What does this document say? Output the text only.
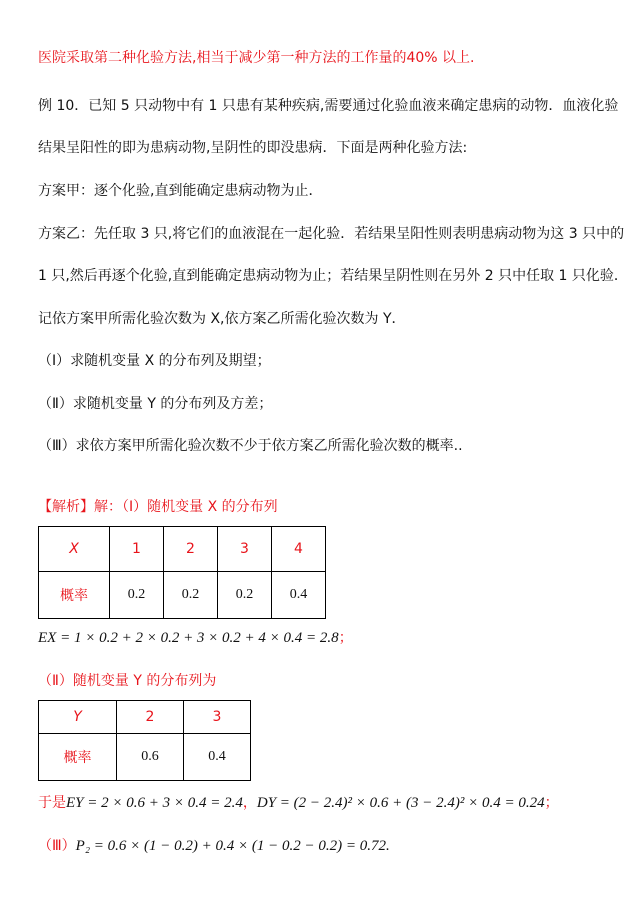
医院采取第二种化验方法,相当于减少第一种方法的工作量的40% 以上.
例 10．已知 5 只动物中有 1 只患有某种疾病,需要通过化验血液来确定患病的动物．血液化验
结果呈阳性的即为患病动物,呈阴性的即没患病．下面是两种化验方法:
方案甲：逐个化验,直到能确定患病动物为止．
方案乙：先任取 3 只,将它们的血液混在一起化验．若结果呈阳性则表明患病动物为这 3 只中的
1 只,然后再逐个化验,直到能确定患病动物为止；若结果呈阴性则在另外 2 只中任取 1 只化验．
记依方案甲所需化验次数为 X,依方案乙所需化验次数为 Y．
（Ⅰ）求随机变量 X 的分布列及期望；
（Ⅱ）求随机变量 Y 的分布列及方差；
（Ⅲ）求依方案甲所需化验次数不少于依方案乙所需化验次数的概率..
【解析】解：（Ⅰ）随机变量 X 的分布列
X	1	2	3	4
概率	0.2	0.2	0.2	0.4
EX = 1 × 0.2 + 2 × 0.2 + 3 × 0.2 + 4 × 0.4 = 2.8；
（Ⅱ）随机变量 Y 的分布列为
Y	2	3
概率	0.6	0.4
于是EY = 2 × 0.6 + 3 × 0.4 = 2.4，DY = (2 − 2.4)² × 0.6 + (3 − 2.4)² × 0.4 = 0.24；
（Ⅲ）P₂ = 0.6 × (1 − 0.2) + 0.4 × (1 − 0.2 − 0.2) = 0.72.
